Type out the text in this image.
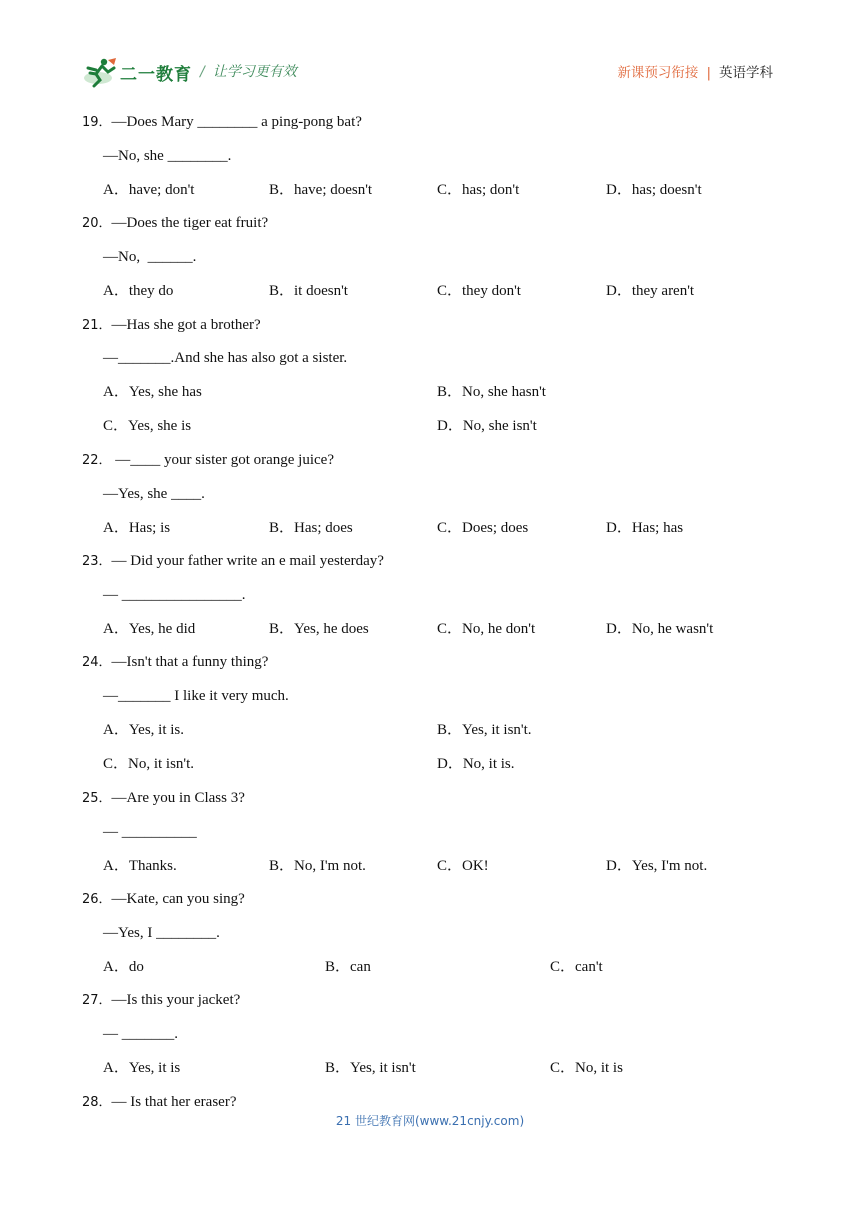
二一教育 / 让学习更有效	新课预习衔接 | 英语学科
19．—Does Mary ________ a ping-pong bat?
—No, she ________.
A．have; don't	B．have; doesn't	C．has; don't	D．has; doesn't
20．—Does the tiger eat fruit?
—No,  ______.
A．they do	B．it doesn't	C．they don't	D．they aren't
21．—Has she got a brother?
—_______.And she has also got a sister.
A．Yes, she has	B．No, she hasn't
C．Yes, she is	D．No, she isn't
22． —____ your sister got orange juice?
—Yes, she ____.
A．Has; is	B．Has; does	C．Does; does	D．Has; has
23．— Did your father write an e mail yesterday?
— ________________.
A．Yes, he did	B．Yes, he does	C．No, he don't	D．No, he wasn't
24．—Isn't that a funny thing?
—_______ I like it very much.
A．Yes, it is.	B．Yes, it isn't.
C．No, it isn't.	D．No, it is.
25．—Are you in Class 3?
— __________
A．Thanks.	B．No, I'm not.	C．OK!	D．Yes, I'm not.
26．—Kate, can you sing?
—Yes, I ________.
A．do	B．can	C．can't
27．—Is this your jacket?
— _______.
A．Yes, it is	B．Yes, it isn't	C．No, it is
28．— Is that her eraser?
21 世纪教育网(www.21cnjy.com)
